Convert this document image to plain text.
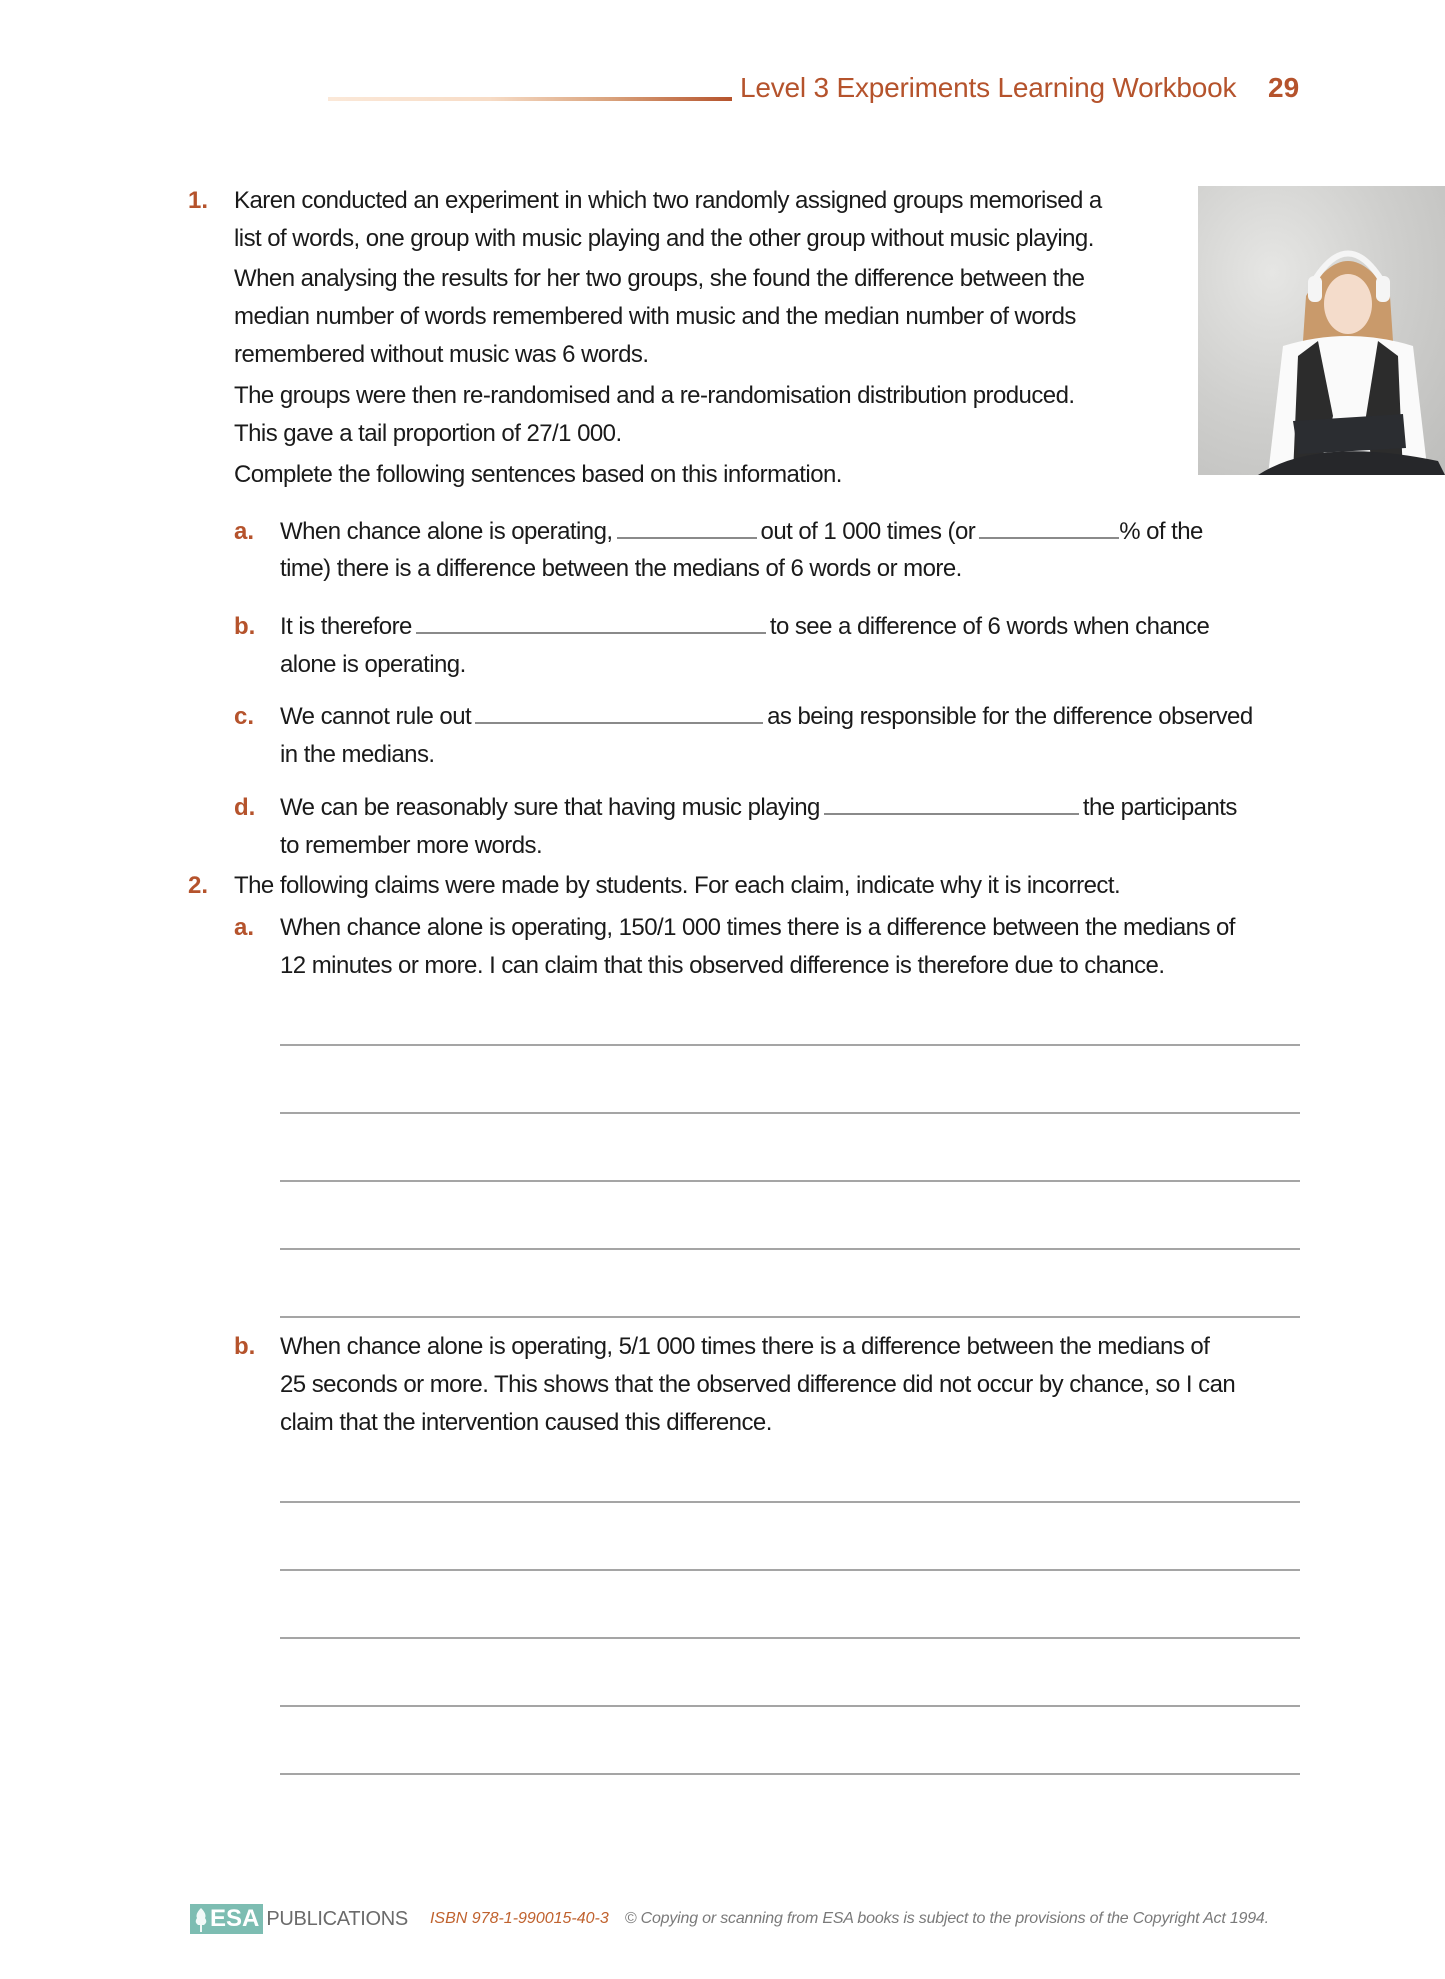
Level 3 Experiments Learning Workbook 29
1. Karen conducted an experiment in which two randomly assigned groups memorised a
list of words, one group with music playing and the other group without music playing.
When analysing the results for her two groups, she found the difference between the
median number of words remembered with music and the median number of words
remembered without music was 6 words.
The groups were then re-randomised and a re-randomisation distribution produced.
This gave a tail proportion of 27/1 000.
Complete the following sentences based on this information.
a. When chance alone is operating,	out of 1 000 times (or	% of the
time) there is a difference between the medians of 6 words or more.
b. It is therefore	to see a difference of 6 words when chance
alone is operating.
c. We cannot rule out	as being responsible for the difference observed
in the medians.
d. We can be reasonably sure that having music playing	the participants
to remember more words.
2. The following claims were made by students. For each claim, indicate why it is incorrect.
a. When chance alone is operating, 150/1 000 times there is a difference between the medians of
12 minutes or more. I can claim that this observed difference is therefore due to chance.
b. When chance alone is operating, 5/1 000 times there is a difference between the medians of
25 seconds or more. This shows that the observed difference did not occur by chance, so I can
claim that the intervention caused this difference.
ESA PUBLICATIONS ISBN 978-1-990015-40-3 © Copying or scanning from ESA books is subject to the provisions of the Copyright Act 1994.
